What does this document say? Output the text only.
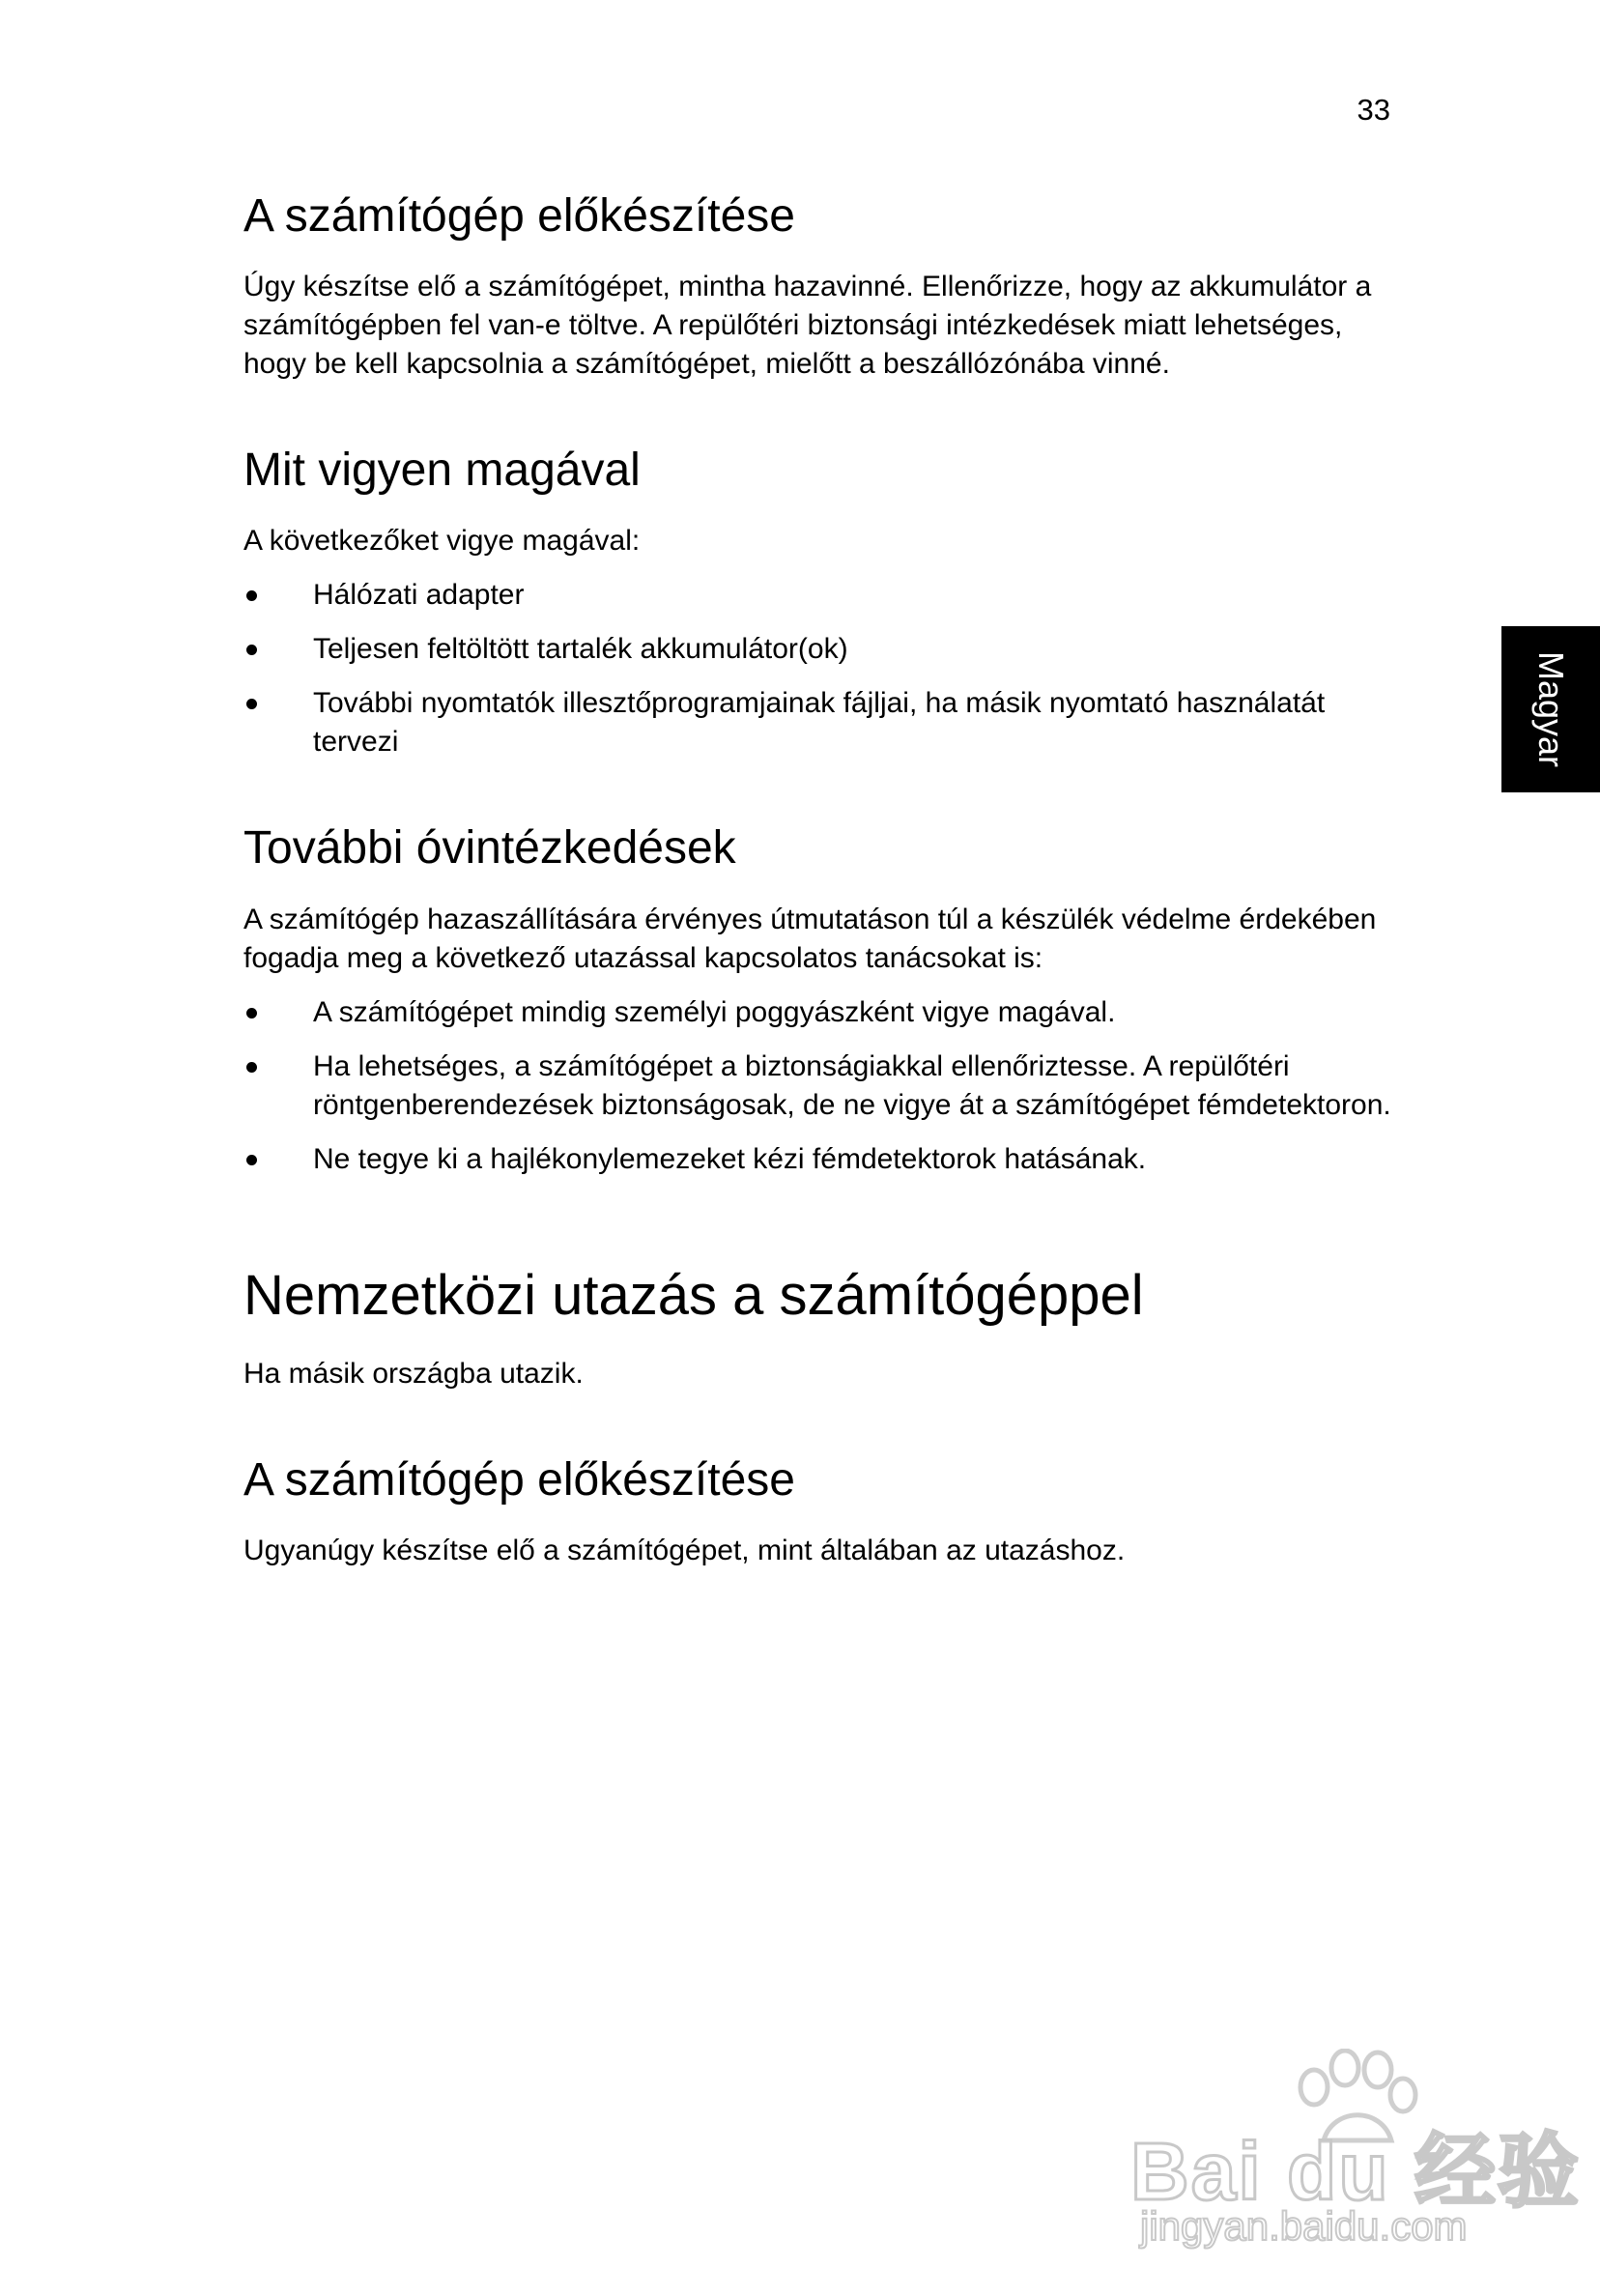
33
Magyar
A számítógép előkészítése

Úgy készítse elő a számítógépet, mintha hazavinné. Ellenőrizze, hogy az akkumulátor a számítógépben fel van-e töltve. A repülőtéri biztonsági intézkedések miatt lehetséges, hogy be kell kapcsolnia a számítógépet, mielőtt a beszállózónába vinné.

Mit vigyen magával

A következőket vigye magával:

Hálózati adapter
Teljesen feltöltött tartalék akkumulátor(ok)
További nyomtatók illesztőprogramjainak fájljai, ha másik nyomtató használatát tervezi
További óvintézkedések

A számítógép hazaszállítására érvényes útmutatáson túl a készülék védelme érdekében fogadja meg a következő utazással kapcsolatos tanácsokat is:

A számítógépet mindig személyi poggyászként vigye magával.
Ha lehetséges, a számítógépet a biztonságiakkal ellenőriztesse. A repülőtéri röntgenberendezések biztonságosak, de ne vigye át a számítógépet fémdetektoron.
Ne tegye ki a hajlékonylemezeket kézi fémdetektorok hatásának.
Nemzetközi utazás a számítógéppel

Ha másik országba utazik.

A számítógép előkészítése

Ugyanúgy készítse elő a számítógépet, mint általában az utazáshoz.

Bai du 经验
jingyan.baidu.com
